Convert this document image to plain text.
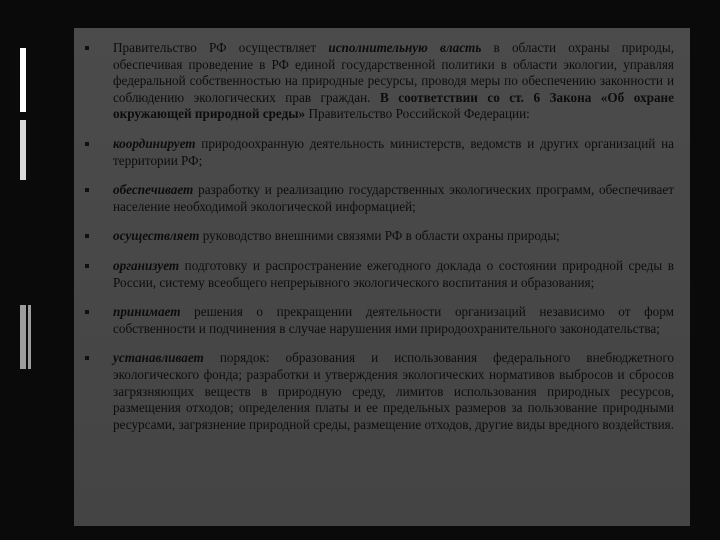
Правительство РФ осуществляет исполнительную власть в области охраны природы, обеспечивая проведение в РФ единой государственной политики в области экологии, управляя федеральной собственностью на природные ресурсы, проводя меры по обеспечению законности и соблюдению экологических прав граждан. В соответствии со ст. 6 Закона «Об охране окружающей природной среды» Правительство Российской Федерации:
координирует природоохранную деятельность министерств, ведомств и других организаций на территории РФ;
обеспечивает разработку и реализацию государственных экологических программ, обеспечивает население необходимой экологической информацией;
осуществляет руководство внешними связями РФ в области охраны природы;
организует подготовку и распространение ежегодного доклада о состоянии природной среды в России, систему всеобщего непрерывного экологического воспитания и образования;
принимает решения о прекращении деятельности организаций независимо от форм собственности и подчинения в случае нарушения ими природоохранительного законодательства;
устанавливает порядок: образования и использования федерального внебюджетного экологического фонда; разработки и утверждения экологических нормативов выбросов и сбросов загрязняющих веществ в природную среду, лимитов использования природных ресурсов, размещения отходов; определения платы и ее предельных размеров за пользование природными ресурсами, загрязнение природной среды, размещение отходов, другие виды вредного воздействия.
